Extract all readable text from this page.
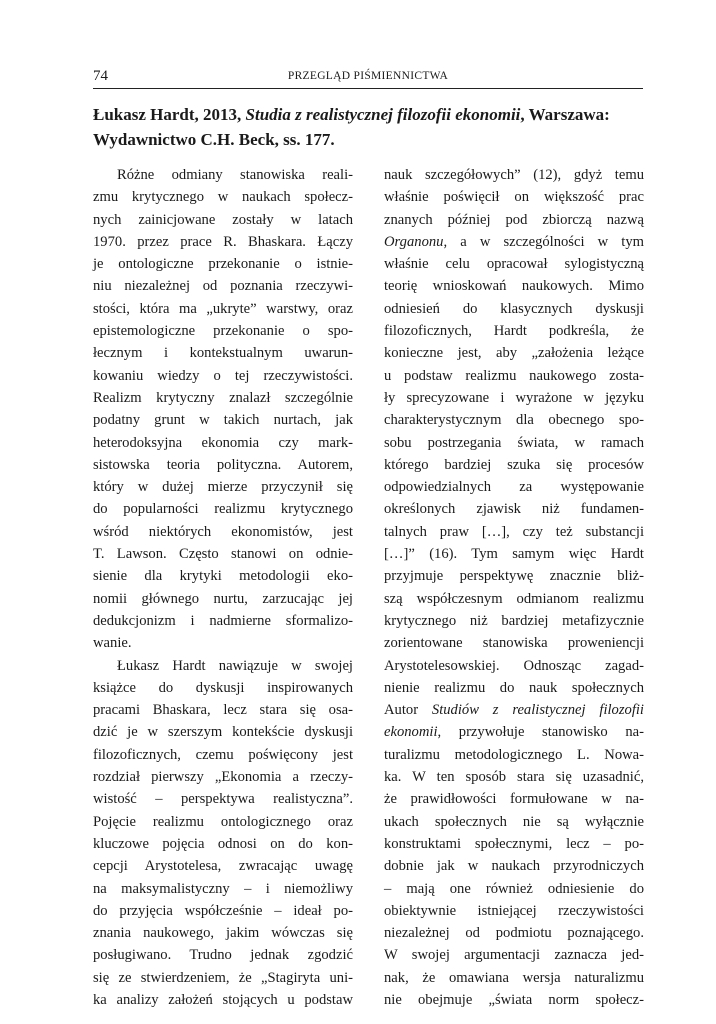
74	PRZEGLĄD PIŚMIENNICTWA
Łukasz Hardt, 2013, Studia z realistycznej filozofii ekonomii, Warszawa: Wydawnictwo C.H. Beck, ss. 177.
Różne odmiany stanowiska reali-
zmu krytycznego w naukach społecz-
nych zainicjowane zostały w latach
1970. przez prace R. Bhaskara. Łączy
je ontologiczne przekonanie o istnie-
niu niezależnej od poznania rzeczywi-
stości, która ma „ukryte” warstwy, oraz
epistemologiczne przekonanie o spo-
łecznym i kontekstualnym uwarun-
kowaniu wiedzy o tej rzeczywistości.
Realizm krytyczny znalazł szczególnie
podatny grunt w takich nurtach, jak
heterodoksyjna ekonomia czy mark-
sistowska teoria polityczna. Autorem,
który w dużej mierze przyczynił się
do popularności realizmu krytycznego
wśród niektórych ekonomistów, jest
T. Lawson. Często stanowi on odnie-
sienie dla krytyki metodologii eko-
nomii głównego nurtu, zarzucając jej
dedukcjonizm i nadmierne sformalizo-
wanie.
Łukasz Hardt nawiązuje w swojej
książce do dyskusji inspirowanych
pracami Bhaskara, lecz stara się osa-
dzić je w szerszym kontekście dyskusji
filozoficznych, czemu poświęcony jest
rozdział pierwszy „Ekonomia a rzeczy-
wistość – perspektywa realistyczna”.
Pojęcie realizmu ontologicznego oraz
kluczowe pojęcia odnosi on do kon-
cepcji Arystotelesa, zwracając uwagę
na maksymalistyczny – i niemożliwy
do przyjęcia współcześnie – ideał po-
znania naukowego, jakim wówczas się
posługiwano. Trudno jednak zgodzić
się ze stwierdzeniem, że „Stagiryta uni-
ka analizy założeń stojących u podstaw
nauk szczegółowych” (12), gdyż temu
właśnie poświęcił on większość prac
znanych później pod zbiorczą nazwą
Organonu, a w szczególności w tym
właśnie celu opracował sylogistyczną
teorię wnioskowań naukowych. Mimo
odniesień do klasycznych dyskusji
filozoficznych, Hardt podkreśla, że
konieczne jest, aby „założenia leżące
u podstaw realizmu naukowego zosta-
ły sprecyzowane i wyrażone w języku
charakterystycznym dla obecnego spo-
sobu postrzegania świata, w ramach
którego bardziej szuka się procesów
odpowiedzialnych za występowanie
określonych zjawisk niż fundamen-
talnych praw […], czy też substancji
[…]” (16). Tym samym więc Hardt
przyjmuje perspektywę znacznie bliż-
szą współczesnym odmianom realizmu
krytycznego niż bardziej metafizycznie
zorientowane stanowiska proweniencji
Arystotelesowskiej. Odnosząc zagad-
nienie realizmu do nauk społecznych
Autor Studiów z realistycznej filozofii
ekonomii, przywołuje stanowisko na-
turalizmu metodologicznego L. Nowa-
ka. W ten sposób stara się uzasadnić,
że prawidłowości formułowane w na-
ukach społecznych nie są wyłącznie
konstruktami społecznymi, lecz – po-
dobnie jak w naukach przyrodniczych
– mają one również odniesienie do
obiektywnie istniejącej rzeczywistości
niezależnej od podmiotu poznającego.
W swojej argumentacji zaznacza jed-
nak, że omawiana wersja naturalizmu
nie obejmuje „świata norm społecz-
